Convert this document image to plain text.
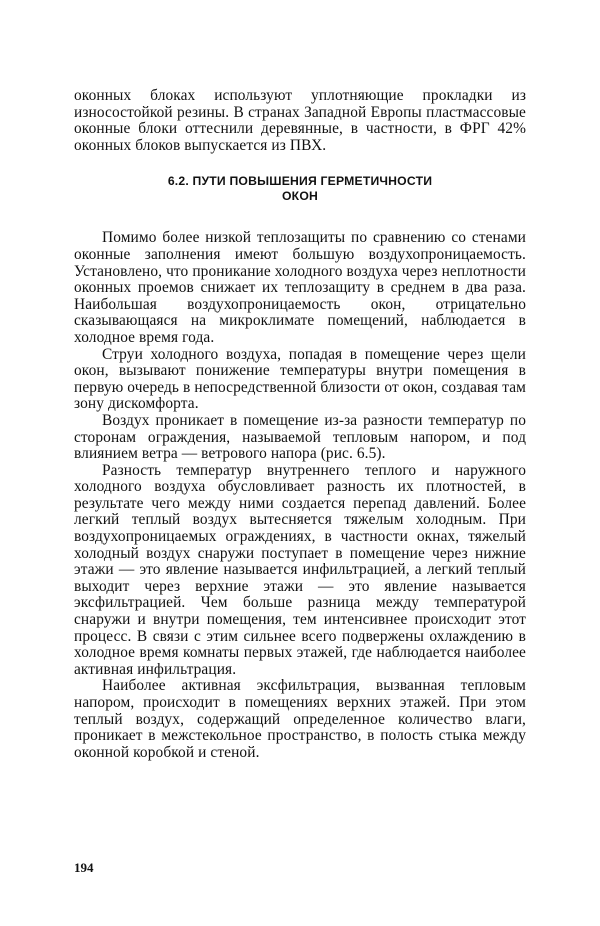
оконных блоках используют уплотняющие прокладки из износостойкой резины. В странах Западной Европы пластмассовые оконные блоки оттеснили деревянные, в частности, в ФРГ 42% оконных блоков выпускается из ПВХ.

6.2. ПУТИ ПОВЫШЕНИЯ ГЕРМЕТИЧНОСТИ
ОКОН

Помимо более низкой теплозащиты по сравнению со стенами оконные заполнения имеют большую воздухопроницаемость. Установлено, что проникание холодного воздуха через неплотности оконных проемов снижает их теплозащиту в среднем в два раза. Наибольшая воздухопроницаемость окон, отрицательно сказывающаяся на микроклимате помещений, наблюдается в холодное время года.

Струи холодного воздуха, попадая в помещение через щели окон, вызывают понижение температуры внутри помещения в первую очередь в непосредственной близости от окон, создавая там зону дискомфорта.

Воздух проникает в помещение из-за разности температур по сторонам ограждения, называемой тепловым напором, и под влиянием ветра — ветрового напора (рис. 6.5).

Разность температур внутреннего теплого и наружного холодного воздуха обусловливает разность их плотностей, в результате чего между ними создается перепад давлений. Более легкий теплый воздух вытесняется тяжелым холодным. При воздухопроницаемых ограждениях, в частности окнах, тяжелый холодный воздух снаружи поступает в помещение через нижние этажи — это явление называется инфильтрацией, а легкий теплый выходит через верхние этажи — это явление называется эксфильтрацией. Чем больше разница между температурой снаружи и внутри помещения, тем интенсивнее происходит этот процесс. В связи с этим сильнее всего подвержены охлаждению в холодное время комнаты первых этажей, где наблюдается наиболее активная инфильтрация.

Наиболее активная эксфильтрация, вызванная тепловым напором, происходит в помещениях верхних этажей. При этом теплый воздух, содержащий определенное количество влаги, проникает в межстекольное пространство, в полость стыка между оконной коробкой и стеной.

194
